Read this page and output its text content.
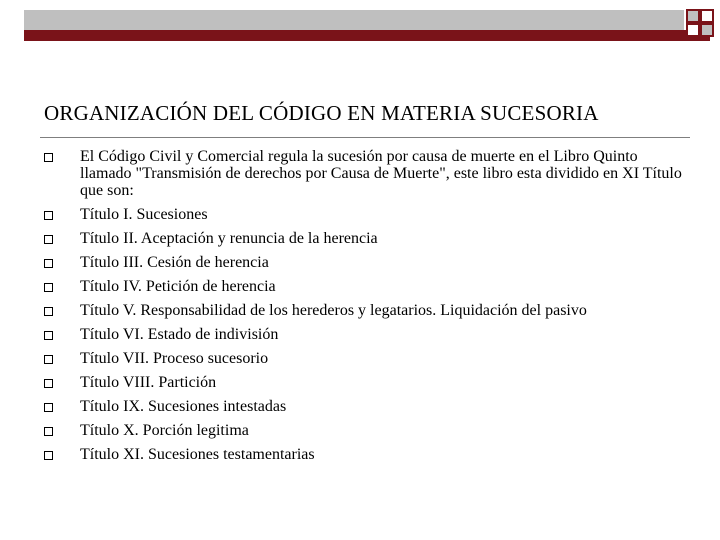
ORGANIZACIÓN DEL CÓDIGO EN MATERIA SUCESORIA
El Código Civil y Comercial regula la sucesión por causa de muerte en el Libro Quinto llamado "Transmisión de derechos por Causa de Muerte", este libro esta dividido en XI Título que son:
Título I. Sucesiones
Título II. Aceptación y renuncia de la herencia
Título III. Cesión de herencia
Título IV. Petición de herencia
Título V. Responsabilidad de los herederos y legatarios. Liquidación del pasivo
Título VI. Estado de indivisión
Título VII. Proceso sucesorio
Título VIII. Partición
Título IX. Sucesiones intestadas
Título X. Porción legitima
Título XI. Sucesiones testamentarias
